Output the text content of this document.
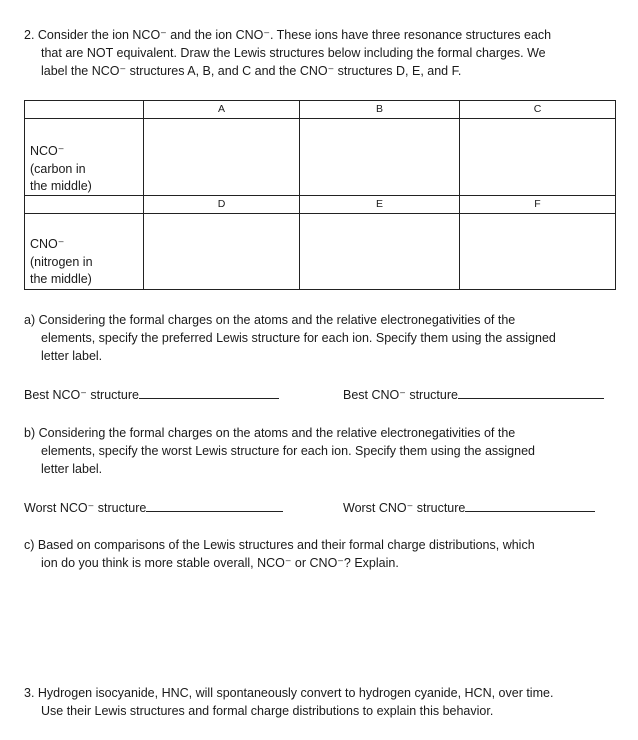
2. Consider the ion NCO⁻ and the ion CNO⁻. These ions have three resonance structures each
that are NOT equivalent. Draw the Lewis structures below including the formal charges. We
label the NCO⁻ structures A, B, and C and the CNO⁻ structures D, E, and F.
NCO⁻
(carbon in
the middle)
A	B	C
CNO⁻
(nitrogen in
the middle)
D	E	F
a) Considering the formal charges on the atoms and the relative electronegativities of the
elements, specify the preferred Lewis structure for each ion. Specify them using the assigned
letter label.
Best NCO⁻ structure	Best CNO⁻ structure
b) Considering the formal charges on the atoms and the relative electronegativities of the
elements, specify the worst Lewis structure for each ion. Specify them using the assigned
letter label.
Worst NCO⁻ structure	Worst CNO⁻ structure
c) Based on comparisons of the Lewis structures and their formal charge distributions, which
ion do you think is more stable overall, NCO⁻ or CNO⁻? Explain.
3. Hydrogen isocyanide, HNC, will spontaneously convert to hydrogen cyanide, HCN, over time.
Use their Lewis structures and formal charge distributions to explain this behavior.
